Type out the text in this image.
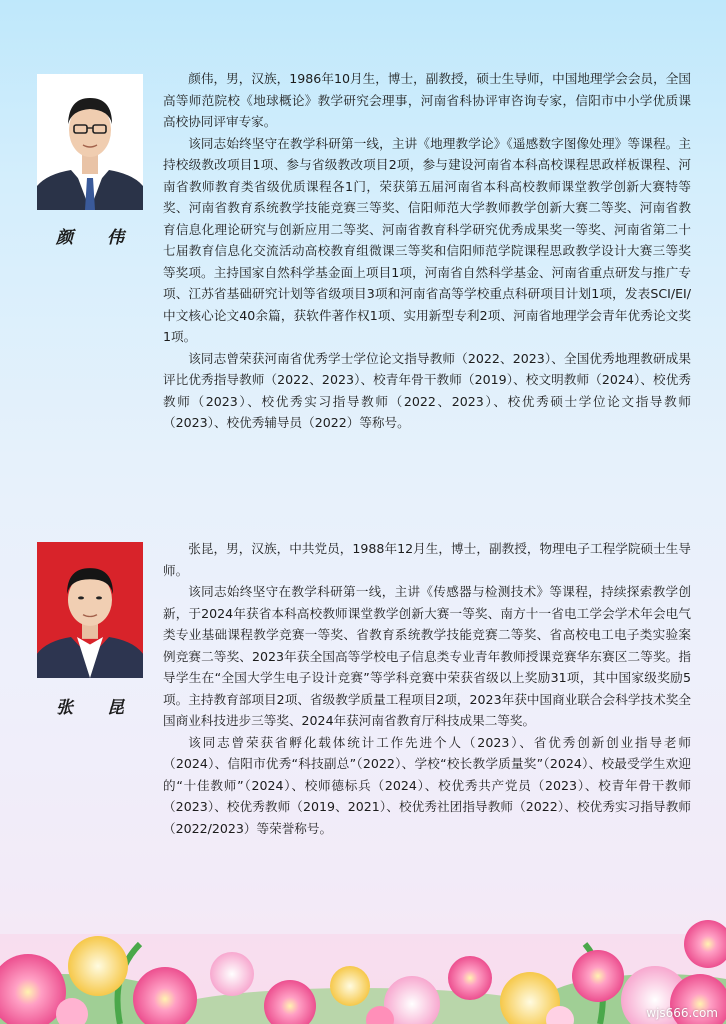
颜 伟

颜伟，男，汉族，1986年10月生，博士，副教授，硕士生导师，中国地理学会会员，全国高等师范院校《地球概论》教学研究会理事，河南省科协评审咨询专家，信阳市中小学优质课高校协同评审专家。

该同志始终坚守在教学科研第一线，主讲《地理教学论》《遥感数字图像处理》等课程。主持校级教改项目1项、参与省级教改项目2项，参与建设河南省本科高校课程思政样板课程、河南省教师教育类省级优质课程各1门，荣获第五届河南省本科高校教师课堂教学创新大赛特等奖、河南省教育系统教学技能竞赛三等奖、信阳师范大学教师教学创新大赛二等奖、河南省教育信息化理论研究与创新应用二等奖、河南省教育科学研究优秀成果奖一等奖、河南省第二十七届教育信息化交流活动高校教育组微课三等奖和信阳师范学院课程思政教学设计大赛三等奖等奖项。主持国家自然科学基金面上项目1项，河南省自然科学基金、河南省重点研发与推广专项、江苏省基础研究计划等省级项目3项和河南省高等学校重点科研项目计划1项，发表SCI/EI/中文核心论文40余篇，获软件著作权1项、实用新型专利2项、河南省地理学会青年优秀论文奖1项。

该同志曾荣获河南省优秀学士学位论文指导教师（2022、2023）、全国优秀地理教研成果评比优秀指导教师（2022、2023）、校青年骨干教师（2019）、校文明教师（2024）、校优秀教师（2023）、校优秀实习指导教师（2022、2023）、校优秀硕士学位论文指导教师（2023）、校优秀辅导员（2022）等称号。

张 昆

张昆，男，汉族，中共党员，1988年12月生，博士，副教授，物理电子工程学院硕士生导师。

该同志始终坚守在教学科研第一线，主讲《传感器与检测技术》等课程，持续探索教学创新，于2024年获省本科高校教师课堂教学创新大赛一等奖、南方十一省电工学会学术年会电气类专业基础课程教学竞赛一等奖、省教育系统教学技能竞赛二等奖、省高校电工电子类实验案例竞赛二等奖、2023年获全国高等学校电子信息类专业青年教师授课竞赛华东赛区二等奖。指导学生在“全国大学生电子设计竞赛”等学科竞赛中荣获省级以上奖励31项，其中国家级奖励5项。主持教育部项目2项、省级教学质量工程项目2项，2023年获中国商业联合会科学技术奖全国商业科技进步三等奖、2024年获河南省教育厅科技成果二等奖。

该同志曾荣获省孵化载体统计工作先进个人（2023）、省优秀创新创业指导老师（2024）、信阳市优秀“科技副总”（2022）、学校“校长教学质量奖”（2024）、校最受学生欢迎的“十佳教师”（2024）、校师德标兵（2024）、校优秀共产党员（2023）、校青年骨干教师（2023）、校优秀教师（2019、2021）、校优秀社团指导教师（2022）、校优秀实习指导教师（2022/2023）等荣誉称号。

wjs666.com
